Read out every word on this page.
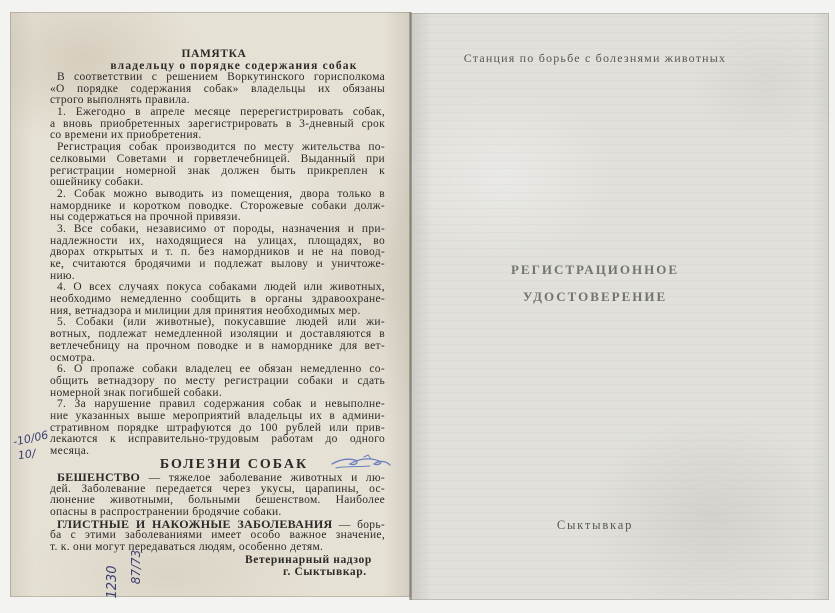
ПАМЯТКА
владельцу о порядке содержания собак
В соответствии с решением Воркутинского горисполкома
«О порядке содержания собак» владельцы их обязаны
строго выполнять правила.
1. Ежегодно в апреле месяце перерегистрировать собак,
а вновь приобретенных зарегистрировать в 3-дневный срок
со времени их приобретения.
Регистрация собак производится по месту жительства по-
селковыми Советами и горветлечебницей. Выданный при
регистрации номерной знак должен быть прикреплен к
ошейнику собаки.
2. Собак можно выводить из помещения, двора только в
наморднике и коротком поводке. Сторожевые собаки долж-
ны содержаться на прочной привязи.
3. Все собаки, независимо от породы, назначения и при-
надлежности их, находящиеся на улицах, площадях, во
дворах открытых и т. п. без намордников и не на повод-
ке, считаются бродячими и подлежат вылову и уничтоже-
нию.
4. О всех случаях покуса собаками людей или животных,
необходимо немедленно сообщить в органы здравоохране-
ния, ветнадзора и милиции для принятия необходимых мер.
5. Собаки (или животные), покусавшие людей или жи-
вотных, подлежат немедленной изоляции и доставляются в
ветлечебницу на прочном поводке и в наморднике для вет-
осмотра.
6. О пропаже собаки владелец ее обязан немедленно со-
общить ветнадзору по месту регистрации собаки и сдать
номерной знак погибшей собаки.
7. За нарушение правил содержания собак и невыполне-
ние указанных выше мероприятий владельцы их в админи-
стративном порядке штрафуются до 100 рублей или прив-
лекаются к исправительно-трудовым работам до одного
месяца.
БОЛЕЗНИ СОБАК
БЕШЕНСТВО — тяжелое заболевание животных и лю-
дей. Заболевание передается через укусы, царапины, ос-
люнение животными, больными бешенством. Наиболее
опасны в распространении бродячие собаки.
ГЛИСТНЫЕ И НАКОЖНЫЕ ЗАБОЛЕВАНИЯ — борь-
ба с этими заболеваниями имеет особо важное значение,
т. к. они могут передаваться людям, особенно детям.
Ветеринарный надзор
г. Сыктывкар.
-10/06
10/
1230 87/73
Станция по борьбе с болезнями животных
РЕГИСТРАЦИОННОЕ
УДОСТОВЕРЕНИЕ
Сыктывкар
